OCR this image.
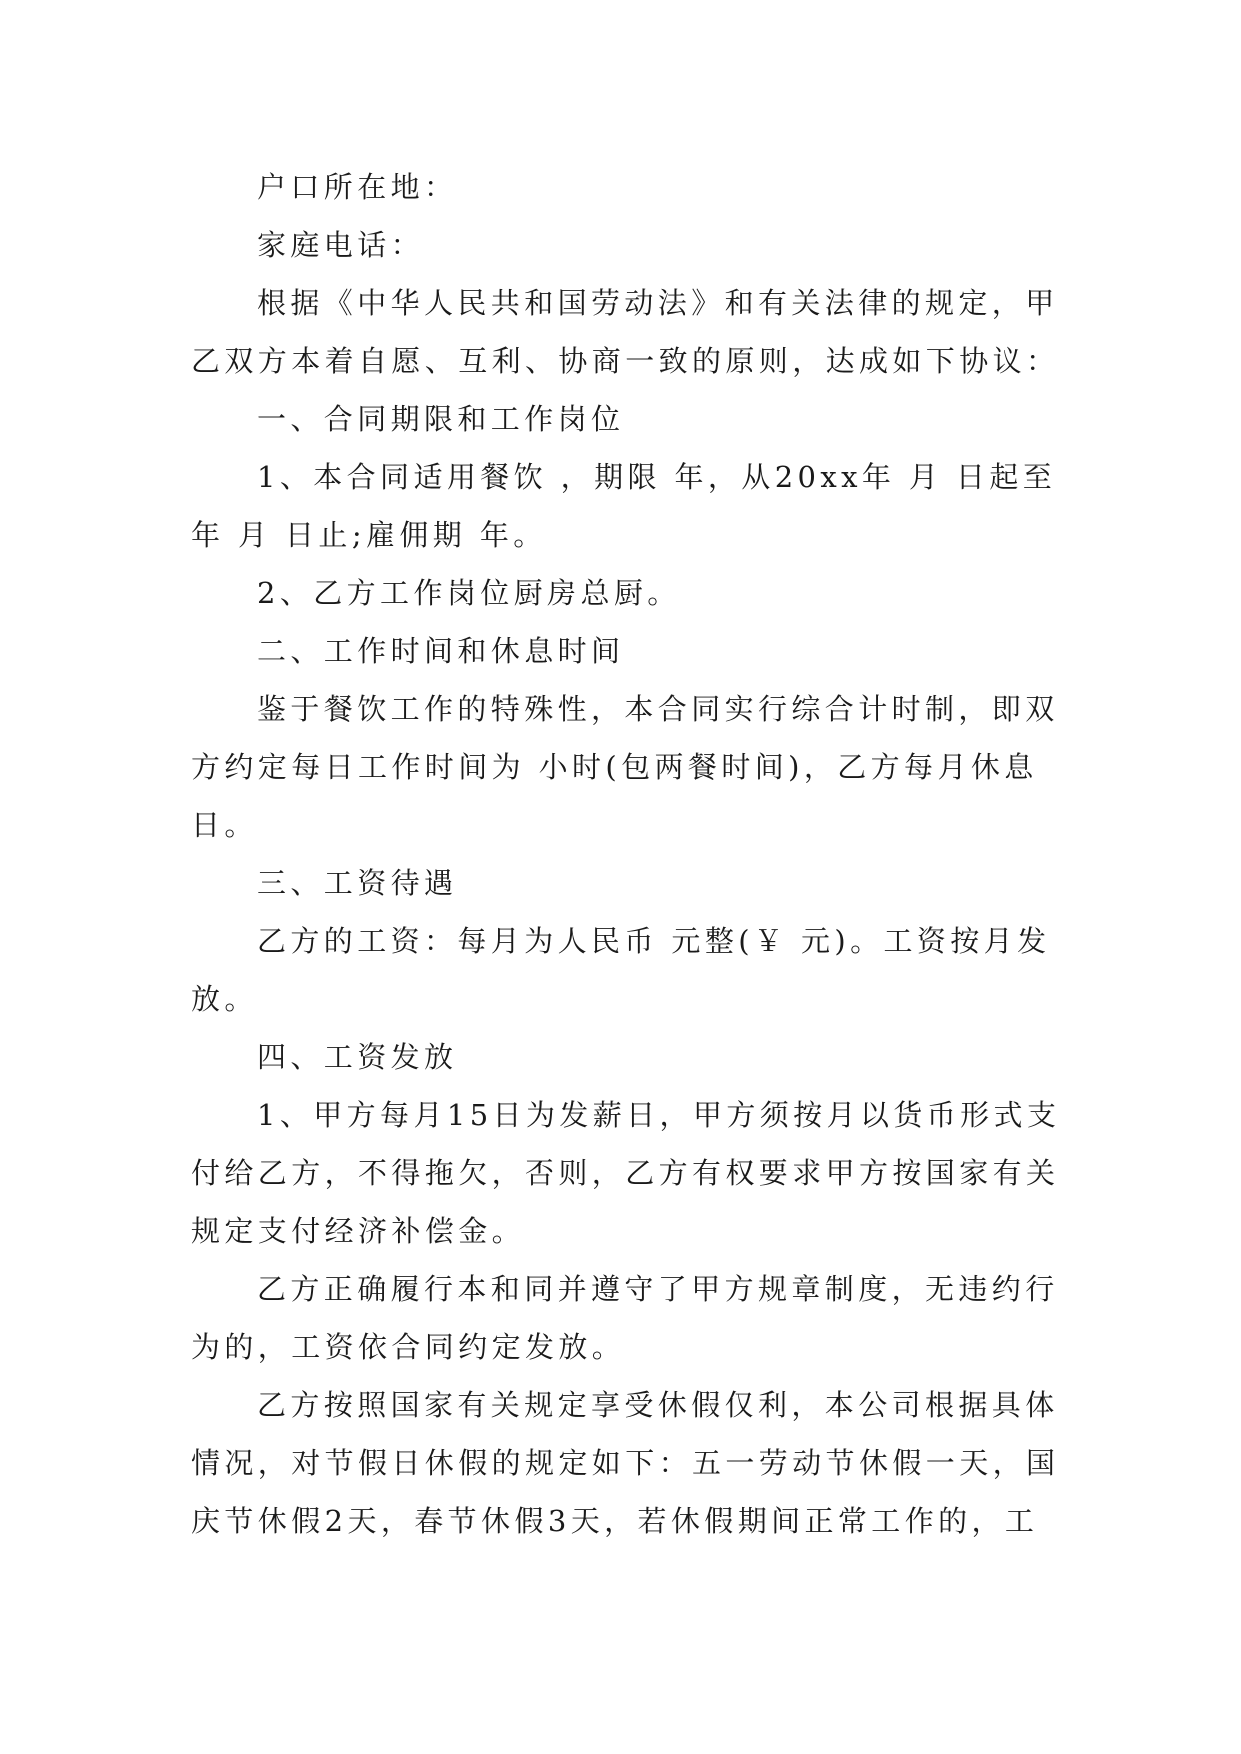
户口所在地：

家庭电话：

根据《中华人民共和国劳动法》和有关法律的规定，甲乙双方本着自愿、互利、协商一致的原则，达成如下协议：

一、合同期限和工作岗位

1、本合同适用餐饮 ，期限 年，从20xx年 月 日起至年 月 日止;雇佣期 年。

2、乙方工作岗位厨房总厨。

二、工作时间和休息时间

鉴于餐饮工作的特殊性，本合同实行综合计时制，即双方约定每日工作时间为 小时(包两餐时间)，乙方每月休息日。

三、工资待遇

乙方的工资：每月为人民币 元整(￥ 元)。工资按月发放。

四、工资发放

1、甲方每月15日为发薪日，甲方须按月以货币形式支付给乙方，不得拖欠，否则，乙方有权要求甲方按国家有关规定支付经济补偿金。

乙方正确履行本和同并遵守了甲方规章制度，无违约行为的，工资依合同约定发放。

乙方按照国家有关规定享受休假仅利，本公司根据具体情况，对节假日休假的规定如下：五一劳动节休假一天，国庆节休假2天，春节休假3天，若休假期间正常工作的，工
